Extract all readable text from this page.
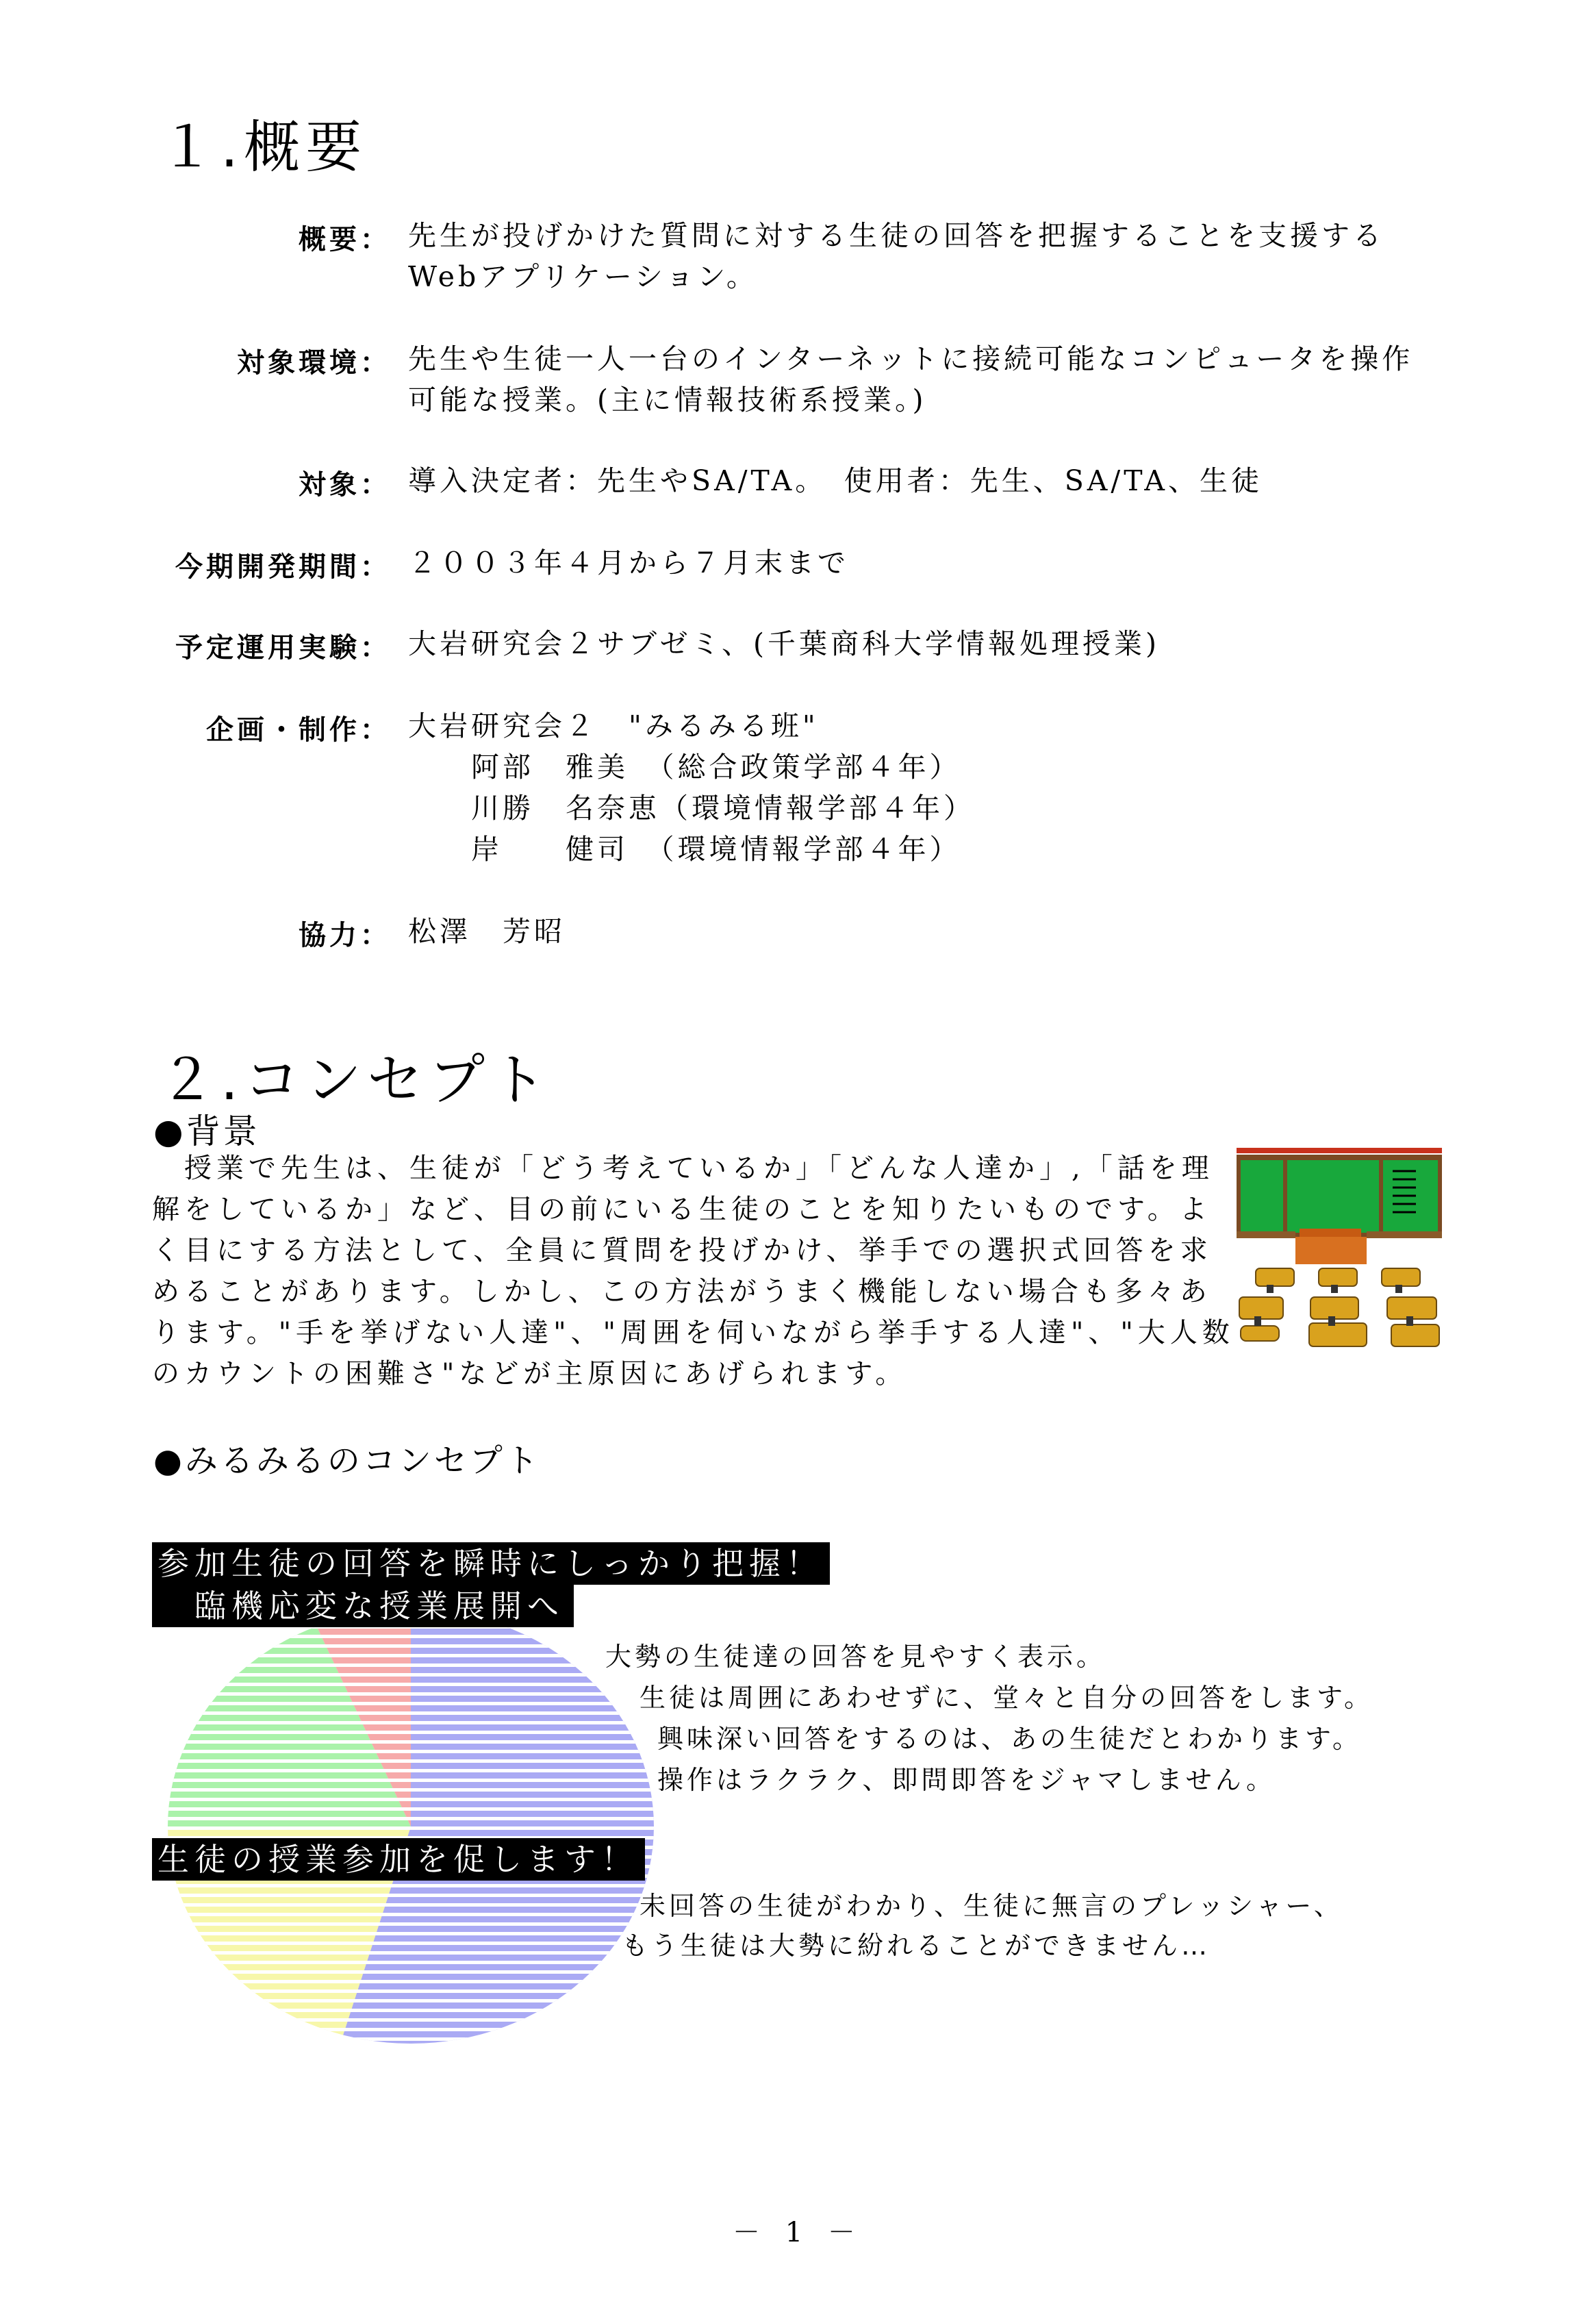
１.概要
概要： 先生が投げかけた質問に対する生徒の回答を把握することを支援する

Webアプリケーション。

対象環境： 先生や生徒一人一台のインターネットに接続可能なコンピュータを操作

可能な授業。(主に情報技術系授業。)

対象： 導入決定者：先生やSA/TA。　使用者：先生、SA/TA、生徒

今期開発期間： ２００３年４月から７月末まで

予定運用実験： 大岩研究会２サブゼミ、(千葉商科大学情報処理授業)

企画・制作： 大岩研究会２　"みるみる班"

　　阿部　雅美　（総合政策学部４年）

　　川勝　名奈恵（環境情報学部４年）

　　岸　　健司　（環境情報学部４年）

協力： 松澤　芳昭

２.コンセプト
●背景

　授業で先生は、生徒が「どう考えているか」「どんな人達か」,「話を理

解をしているか」など、目の前にいる生徒のことを知りたいものです。よ

く目にする方法として、全員に質問を投げかけ、挙手での選択式回答を求

めることがあります。しかし、この方法がうまく機能しない場合も多々あ

ります。"手を挙げない人達"、"周囲を伺いながら挙手する人達"、"大人数

のカウントの困難さ"などが主原因にあげられます。

●みるみるのコンセプト
参加生徒の回答を瞬時にしっかり把握！
　臨機応変な授業展開へ
大勢の生徒達の回答を見やすく表示。
生徒は周囲にあわせずに、堂々と自分の回答をします。
興味深い回答をするのは、あの生徒だとわかります。
操作はラクラク、即問即答をジャマしません。
生徒の授業参加を促します！
未回答の生徒がわかり、生徒に無言のプレッシャー、
もう生徒は大勢に紛れることができません…
－ 1 －
